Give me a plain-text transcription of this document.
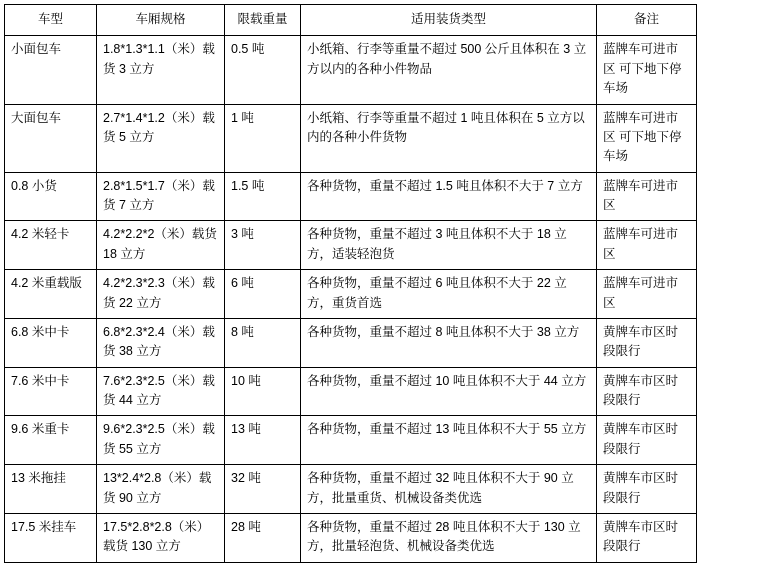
车型	车厢规格	限载重量	适用装货类型	备注
小面包车	1.8*1.3*1.1（米）载货 3 立方	0.5 吨	小纸箱、行李等重量不超过 500 公斤且体积在 3 立方以内的各种小件物品	蓝牌车可进市区 可下地下停车场
大面包车	2.7*1.4*1.2（米）载货 5 立方	1 吨	小纸箱、行李等重量不超过 1 吨且体积在 5 立方以内的各种小件货物	蓝牌车可进市区 可下地下停车场
0.8 小货	2.8*1.5*1.7（米）载货 7 立方	1.5 吨	各种货物，重量不超过 1.5 吨且体积不大于 7 立方	蓝牌车可进市区
4.2 米轻卡	4.2*2.2*2（米）载货 18 立方	3 吨	各种货物，重量不超过 3 吨且体积不大于 18 立方，适装轻泡货	蓝牌车可进市区
4.2 米重载版	4.2*2.3*2.3（米）载货 22 立方	6 吨	各种货物，重量不超过 6 吨且体积不大于 22 立方，重货首选	蓝牌车可进市区
6.8 米中卡	6.8*2.3*2.4（米）载货 38 立方	8 吨	各种货物，重量不超过 8 吨且体积不大于 38 立方	黄牌车市区时段限行
7.6 米中卡	7.6*2.3*2.5（米）载货 44 立方	10 吨	各种货物，重量不超过 10 吨且体积不大于 44 立方	黄牌车市区时段限行
9.6 米重卡	9.6*2.3*2.5（米）载货 55 立方	13 吨	各种货物，重量不超过 13 吨且体积不大于 55 立方	黄牌车市区时段限行
13 米拖挂	13*2.4*2.8（米）载货 90 立方	32 吨	各种货物，重量不超过 32 吨且体积不大于 90 立方，批量重货、机械设备类优选	黄牌车市区时段限行
17.5 米挂车	17.5*2.8*2.8（米）载货 130 立方	28 吨	各种货物，重量不超过 28 吨且体积不大于 130 立方，批量轻泡货、机械设备类优选	黄牌车市区时段限行
